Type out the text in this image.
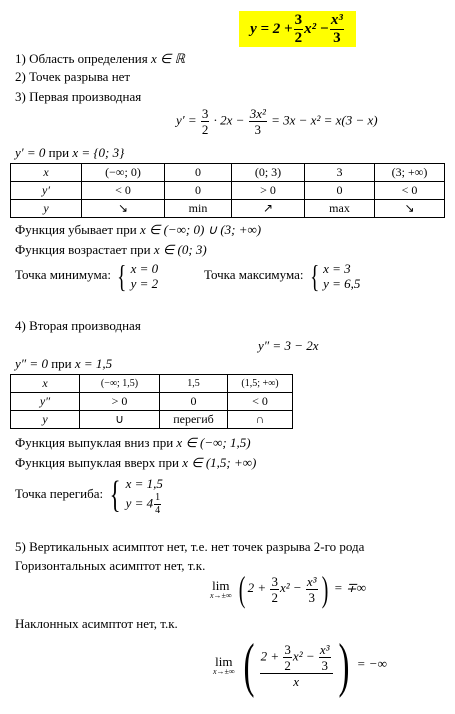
$y = 2 + \frac{3}{2} x^2 - \frac{\text{x³}}{3}$
1) Область определения x ∈ ℝ
2) Точек разрыва нет
3) Первая производная
$y' = \frac{3}{2} \cdot 2x - \frac{\text{3x²}}{3} = 3x - x^2 = x(3 - x)$
y′ = 0 при x = {0; 3}
x	(−∞; 0)	0	(0; 3)	3	(3; +∞)
y′	< 0	0	> 0	0	< 0
y	↘	min	↗	max	↘
Функция убывает при x ∈ (−∞; 0) ∪ (3; +∞)
Функция возрастает при x ∈ (0; 3)
Точка минимума: { x = 0
y = 2
Точка максимума: { x = 3
y = 6,5
4) Вторая производная
y″ = 3 − 2x
y″ = 0 при x = 1,5
x	(−∞; 1,5)	1,5	(1,5; +∞)
y″	> 0	0	< 0
y	∪	перегиб	∩
Функция выпуклая вниз при x ∈ (−∞; 1,5)
Функция выпуклая вверх при x ∈ (1,5; +∞)
Точка перегиба: { x = 1,5
$y = 4 \frac{1}{4}$
5) Вертикальных асимптот нет, т.е. нет точек разрыва 2-го рода
Горизонтальных асимптот нет, т.к.
lim
x→±∞ ( $2 + \frac{3}{2} x^2 - \frac{\text{x³}}{3}$ ) = ∓∞
Наклонных асимптот нет, т.к.
lim
x→±∞ ( $\frac{2 + \frac{3}{2} x^2 - \frac{\text{x³}}{3}}{x}$ ) = −∞
